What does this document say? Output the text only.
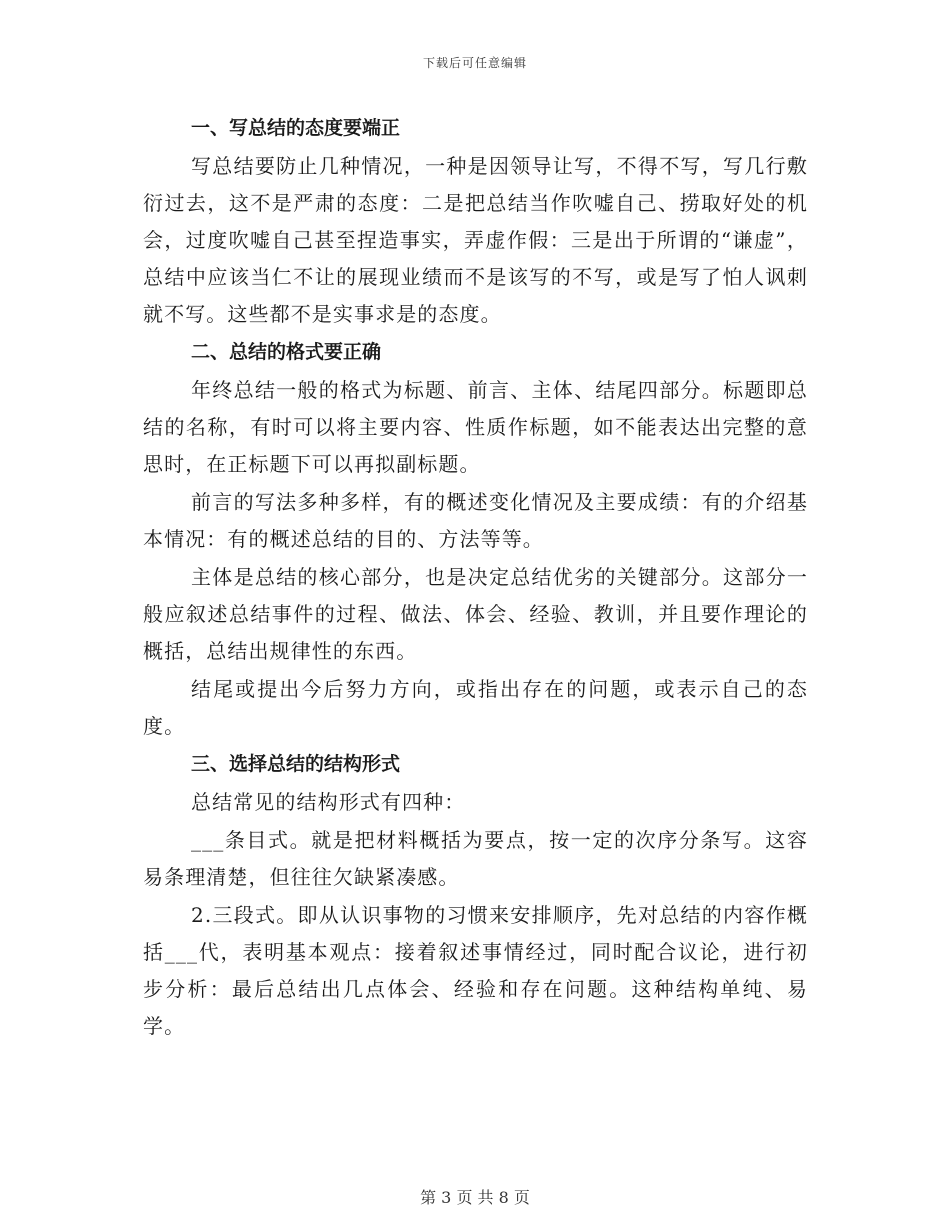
下载后可任意编辑
一、写总结的态度要端正

写总结要防止几种情况，一种是因领导让写，不得不写，写几行敷衍过去，这不是严肃的态度：二是把总结当作吹嘘自己、捞取好处的机会，过度吹嘘自己甚至捏造事实，弄虚作假：三是出于所谓的“谦虚”，总结中应该当仁不让的展现业绩而不是该写的不写，或是写了怕人讽刺就不写。这些都不是实事求是的态度。

二、总结的格式要正确

年终总结一般的格式为标题、前言、主体、结尾四部分。标题即总结的名称，有时可以将主要内容、性质作标题，如不能表达出完整的意思时，在正标题下可以再拟副标题。

前言的写法多种多样，有的概述变化情况及主要成绩：有的介绍基本情况：有的概述总结的目的、方法等等。

主体是总结的核心部分，也是决定总结优劣的关键部分。这部分一般应叙述总结事件的过程、做法、体会、经验、教训，并且要作理论的概括，总结出规律性的东西。

结尾或提出今后努力方向，或指出存在的问题，或表示自己的态度。

三、选择总结的结构形式

总结常见的结构形式有四种：

___条目式。就是把材料概括为要点，按一定的次序分条写。这容易条理清楚，但往往欠缺紧凑感。

2.三段式。即从认识事物的习惯来安排顺序，先对总结的内容作概括___代，表明基本观点：接着叙述事情经过，同时配合议论，进行初步分析：最后总结出几点体会、经验和存在问题。这种结构单纯、易学。

第 3 页 共 8 页
